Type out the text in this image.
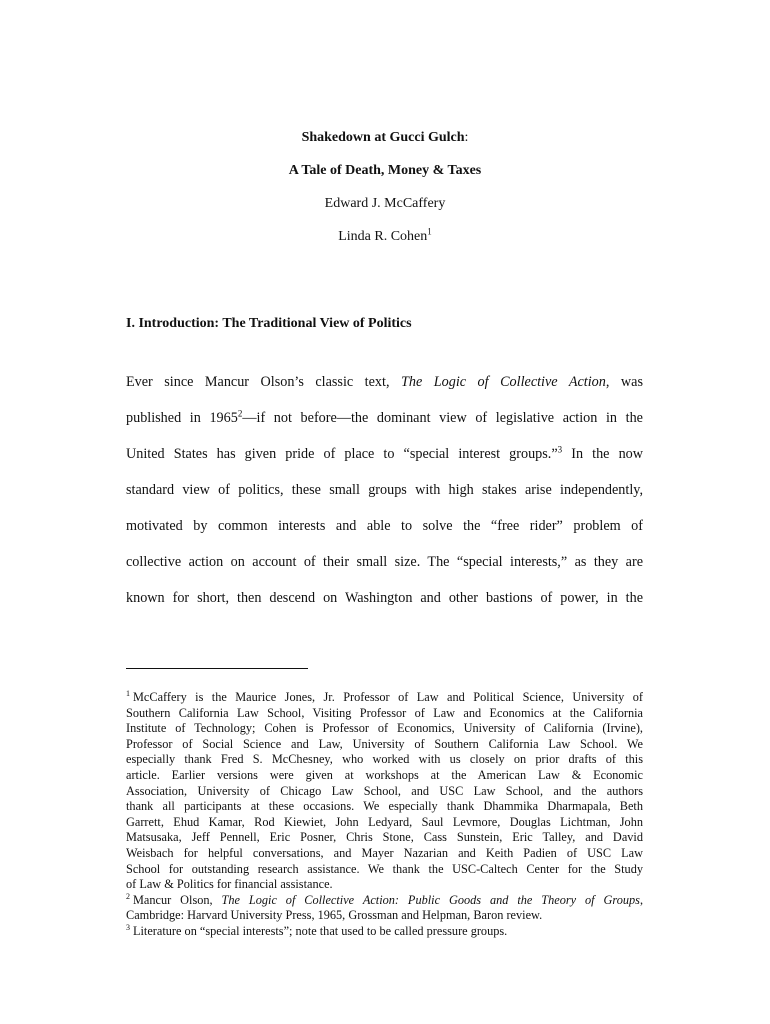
Shakedown at Gucci Gulch:
A Tale of Death, Money & Taxes
Edward J. McCaffery
Linda R. Cohen$^1$
I. Introduction: The Traditional View of Politics
Ever since Mancur Olson’s classic text, The Logic of Collective Action, was
published in 1965$^2$—if not before—the dominant view of legislative action in the
United States has given pride of place to “special interest groups.”$^3$ In the now
standard view of politics, these small groups with high stakes arise independently,
motivated by common interests and able to solve the “free rider” problem of
collective action on account of their small size. The “special interests,” as they are
known for short, then descend on Washington and other bastions of power, in the
$^1$ McCaffery is the Maurice Jones, Jr. Professor of Law and Political Science, University of
Southern California Law School, Visiting Professor of Law and Economics at the California
Institute of Technology; Cohen is Professor of Economics, University of California (Irvine),
Professor of Social Science and Law, University of Southern California Law School. We
especially thank Fred S. McChesney, who worked with us closely on prior drafts of this
article. Earlier versions were given at workshops at the American Law & Economic
Association, University of Chicago Law School, and USC Law School, and the authors
thank all participants at these occasions. We especially thank Dhammika Dharmapala, Beth
Garrett, Ehud Kamar, Rod Kiewiet, John Ledyard, Saul Levmore, Douglas Lichtman, John
Matsusaka, Jeff Pennell, Eric Posner, Chris Stone, Cass Sunstein, Eric Talley, and David
Weisbach for helpful conversations, and Mayer Nazarian and Keith Padien of USC Law
School for outstanding research assistance. We thank the USC-Caltech Center for the Study
of Law & Politics for financial assistance.
$^2$ Mancur Olson, The Logic of Collective Action: Public Goods and the Theory of Groups,
Cambridge: Harvard University Press, 1965, Grossman and Helpman, Baron review.
$^3$ Literature on “special interests”; note that used to be called pressure groups.
